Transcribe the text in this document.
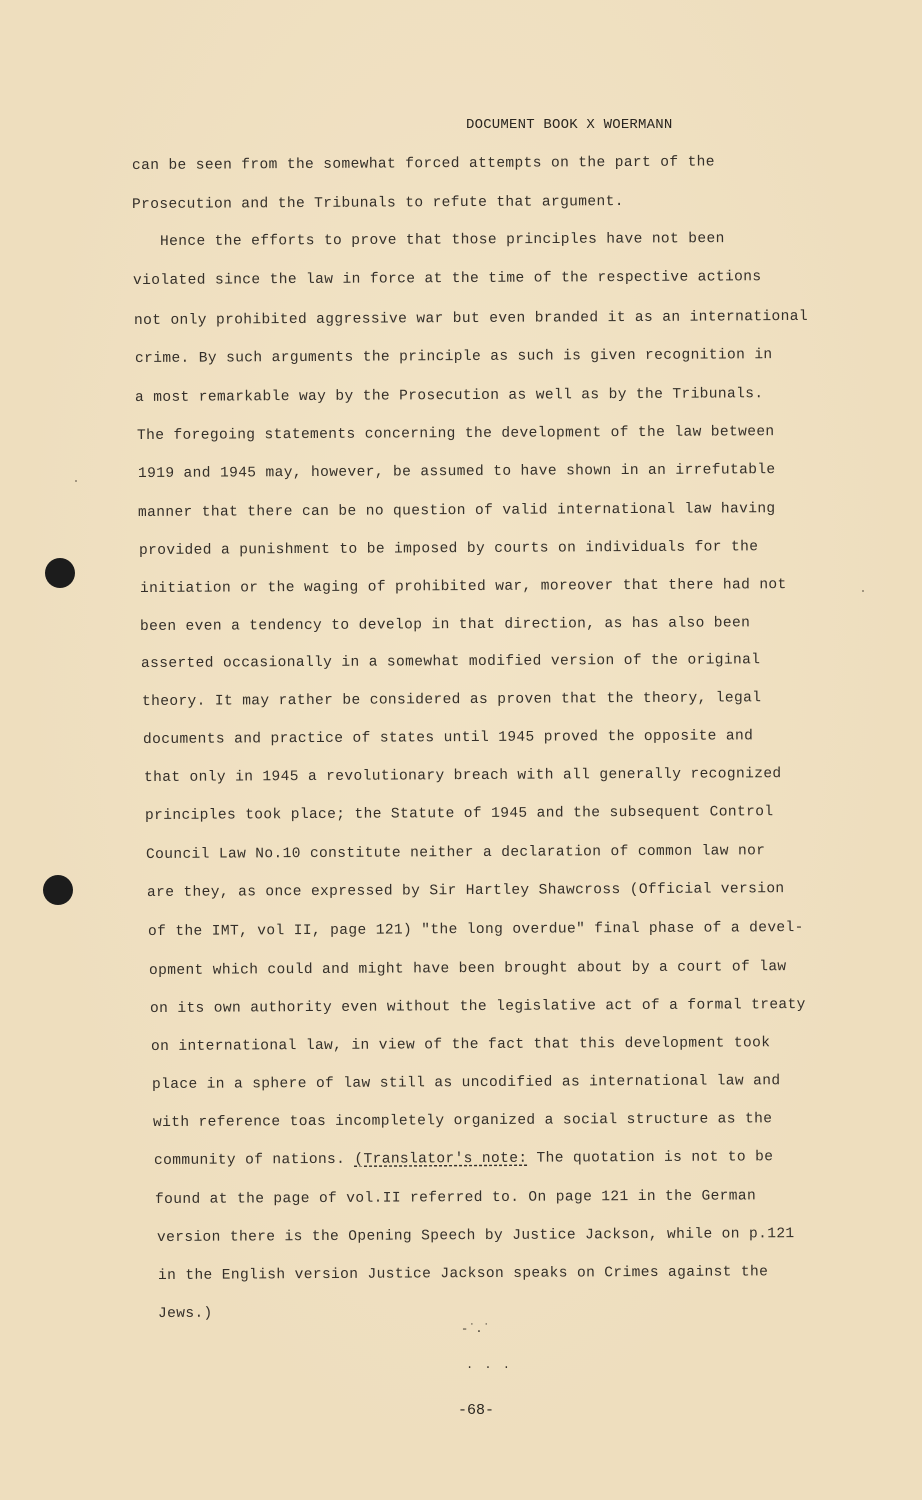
DOCUMENT BOOK X WOERMANN
can be seen from the somewhat forced attempts on the part of the
Prosecution and the Tribunals to refute that argument.
Hence the efforts to prove that those principles have not been
violated since the law in force at the time of the respective actions
not only prohibited aggressive war but even branded it as an international
crime. By such arguments the principle as such is given recognition in
a most remarkable way by the Prosecution as well as by the Tribunals.
The foregoing statements concerning the development of the law between
1919 and 1945 may, however, be assumed to have shown in an irrefutable
manner that there can be no question of valid international law having
provided a punishment to be imposed by courts on individuals for the
initiation or the waging of prohibited war, moreover that there had not
been even a tendency to develop in that direction, as has also been
asserted occasionally in a somewhat modified version of the original
theory. It may rather be considered as proven that the theory, legal
documents and practice of states until 1945 proved the opposite and
that only in 1945 a revolutionary breach with all generally recognized
principles took place; the Statute of 1945 and the subsequent Control
Council Law No.10 constitute neither a declaration of common law nor
are they, as once expressed by Sir Hartley Shawcross (Official version
of the IMT, vol II, page 121) "the long overdue" final phase of a devel-
opment which could and might have been brought about by a court of law
on its own authority even without the legislative act of a formal treaty
on international law, in view of the fact that this development took
place in a sphere of law still as uncodified as international law and
with reference toas incompletely organized a social structure as the
community of nations. (Translator's note: The quotation is not to be
found at the page of vol.II referred to. On page 121 in the German
version there is the Opening Speech by Justice Jackson, while on p.121
in the English version Justice Jackson speaks on Crimes against the
Jews.)
-˙.˙
. . .
-68-
